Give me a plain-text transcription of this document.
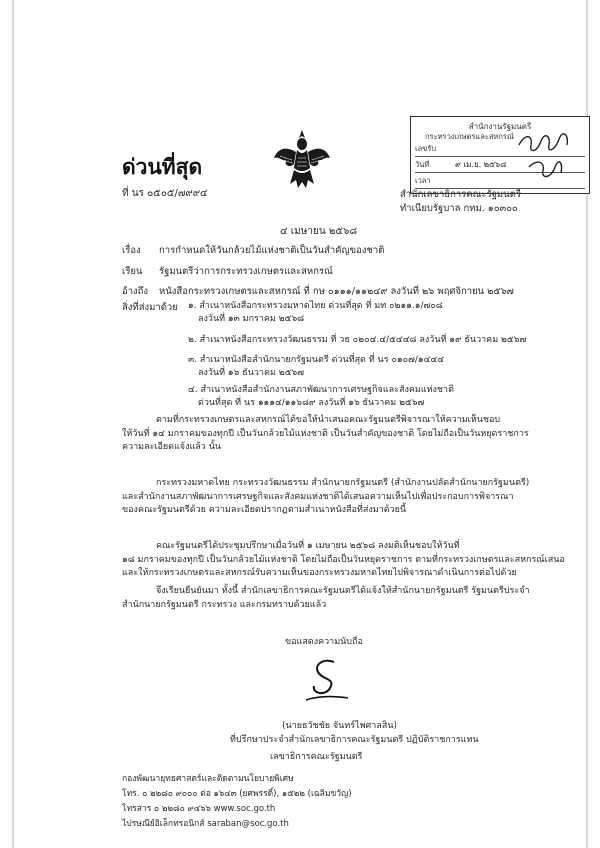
สำนักงานรัฐมนตรี
กระทรวงเกษตรและสหกรณ์
เลขรับ
วันที่	๙ เม.ย. ๒๕๖๘
เวลา
ด่วนที่สุด
ที่ นร ๐๕๐๕/๗๙๙๔	สำนักเลขาธิการคณะรัฐมนตรี
ทำเนียบรัฐบาล กทม. ๑๐๓๐๐
๔ เมษายน ๒๕๖๘
เรื่อง การกำหนดให้วันกล้วยไม้แห่งชาติเป็นวันสำคัญของชาติ
เรียน รัฐมนตรีว่าการกระทรวงเกษตรและสหกรณ์
อ้างถึง หนังสือกระทรวงเกษตรและสหกรณ์ ที่ กษ ๐๑๑๑/๑๑๒๔๙ ลงวันที่ ๒๖ พฤศจิกายน ๒๕๖๗
สิ่งที่ส่งมาด้วย ๑. สำเนาหนังสือกระทรวงมหาดไทย ด่วนที่สุด ที่ มท ๐๒๑๑.๑/๗๐๘
ลงวันที่ ๑๓ มกราคม ๒๕๖๘
๒. สำเนาหนังสือกระทรวงวัฒนธรรม ที่ วธ ๐๒๐๔.๔/๕๔๔๘ ลงวันที่ ๑๙ ธันวาคม ๒๕๖๗
๓. สำเนาหนังสือสำนักนายกรัฐมนตรี ด่วนที่สุด ที่ นร ๐๑๐๗/๑๔๔๔
ลงวันที่ ๑๖ ธันวาคม ๒๕๖๗
๔. สำเนาหนังสือสำนักงานสภาพัฒนาการเศรษฐกิจและสังคมแห่งชาติ
ด่วนที่สุด ที่ นร ๑๑๑๔/๑๑๖๘๙ ลงวันที่ ๑๖ ธันวาคม ๒๕๖๗
ตามที่กระทรวงเกษตรและสหกรณ์ได้ขอให้นำเสนอคณะรัฐมนตรีพิจารณาให้ความเห็นชอบ
ให้วันที่ ๑๔ มกราคมของทุกปี เป็นวันกล้วยไม้แห่งชาติ เป็นวันสำคัญของชาติ โดยไม่ถือเป็นวันหยุดราชการ
ความละเอียดแจ้งแล้ว นั้น
กระทรวงมหาดไทย กระทรวงวัฒนธรรม สำนักนายกรัฐมนตรี (สำนักงานปลัดสำนักนายกรัฐมนตรี)
และสำนักงานสภาพัฒนาการเศรษฐกิจและสังคมแห่งชาติได้เสนอความเห็นไปเพื่อประกอบการพิจารณา
ของคณะรัฐมนตรีด้วย ความละเอียดปรากฏตามสำเนาหนังสือที่ส่งมาด้วยนี้
คณะรัฐมนตรีได้ประชุมปรึกษาเมื่อวันที่ ๑ เมษายน ๒๕๖๘ ลงมติเห็นชอบให้วันที่
๑๘ มกราคมของทุกปี เป็นวันกล้วยไม้แห่งชาติ โดยไม่ถือเป็นวันหยุดราชการ ตามที่กระทรวงเกษตรและสหกรณ์เสนอ
และให้กระทรวงเกษตรและสหกรณ์รับความเห็นของกระทรวงมหาดไทยไปพิจารณาดำเนินการต่อไปด้วย
จึงเรียนยืนยันมา ทั้งนี้ สำนักเลขาธิการคณะรัฐมนตรีได้แจ้งให้สำนักนายกรัฐมนตรี รัฐมนตรีประจำ
สำนักนายกรัฐมนตรี กระทรวง และกรมทราบด้วยแล้ว
ขอแสดงความนับถือ
(นายธวัชชัย จันทร์ไพศาลสิน)
ที่ปรึกษาประจำสำนักเลขาธิการคณะรัฐมนตรี ปฏิบัติราชการแทน
เลขาธิการคณะรัฐมนตรี
กองพัฒนายุทธศาสตร์และติดตามนโยบายพิเศษ
โทร. ๐ ๒๒๘๐ ๙๐๐๐ ต่อ ๑๖๔๓ (ยศพรรดิ์), ๑๕๒๒ (เฉลิมขวัญ)
โทรสาร ๐ ๒๒๘๐ ๙๔๖๖ www.soc.go.th
ไปรษณีย์อิเล็กทรอนิกส์ saraban@soc.go.th
